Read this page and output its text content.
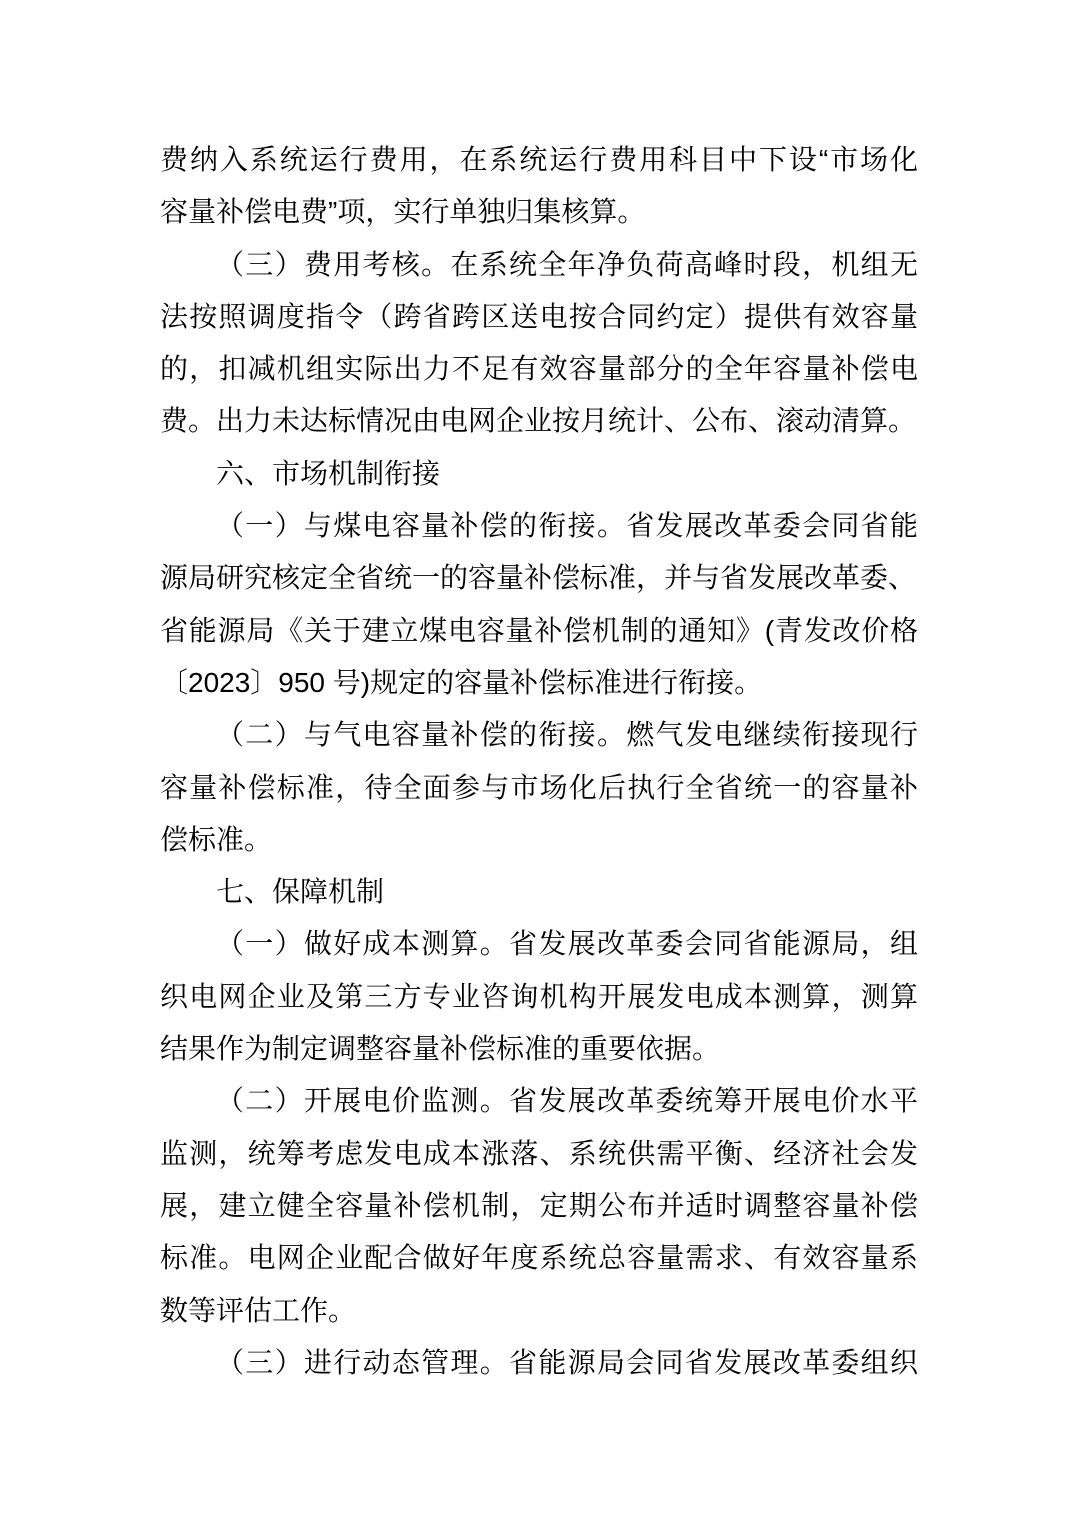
费纳入系统运行费用，在系统运行费用科目中下设“市场化
容量补偿电费”项，实行单独归集核算。
（三）费用考核。在系统全年净负荷高峰时段，机组无
法按照调度指令（跨省跨区送电按合同约定）提供有效容量
的，扣减机组实际出力不足有效容量部分的全年容量补偿电
费。出力未达标情况由电网企业按月统计、公布、滚动清算。
六、市场机制衔接
（一）与煤电容量补偿的衔接。省发展改革委会同省能
源局研究核定全省统一的容量补偿标准，并与省发展改革委、
省能源局《关于建立煤电容量补偿机制的通知》(青发改价格
〔2023〕950 号)规定的容量补偿标准进行衔接。
（二）与气电容量补偿的衔接。燃气发电继续衔接现行
容量补偿标准，待全面参与市场化后执行全省统一的容量补
偿标准。
七、保障机制
（一）做好成本测算。省发展改革委会同省能源局，组
织电网企业及第三方专业咨询机构开展发电成本测算，测算
结果作为制定调整容量补偿标准的重要依据。
（二）开展电价监测。省发展改革委统筹开展电价水平
监测，统筹考虑发电成本涨落、系统供需平衡、经济社会发
展，建立健全容量补偿机制，定期公布并适时调整容量补偿
标准。电网企业配合做好年度系统总容量需求、有效容量系
数等评估工作。
（三）进行动态管理。省能源局会同省发展改革委组织
